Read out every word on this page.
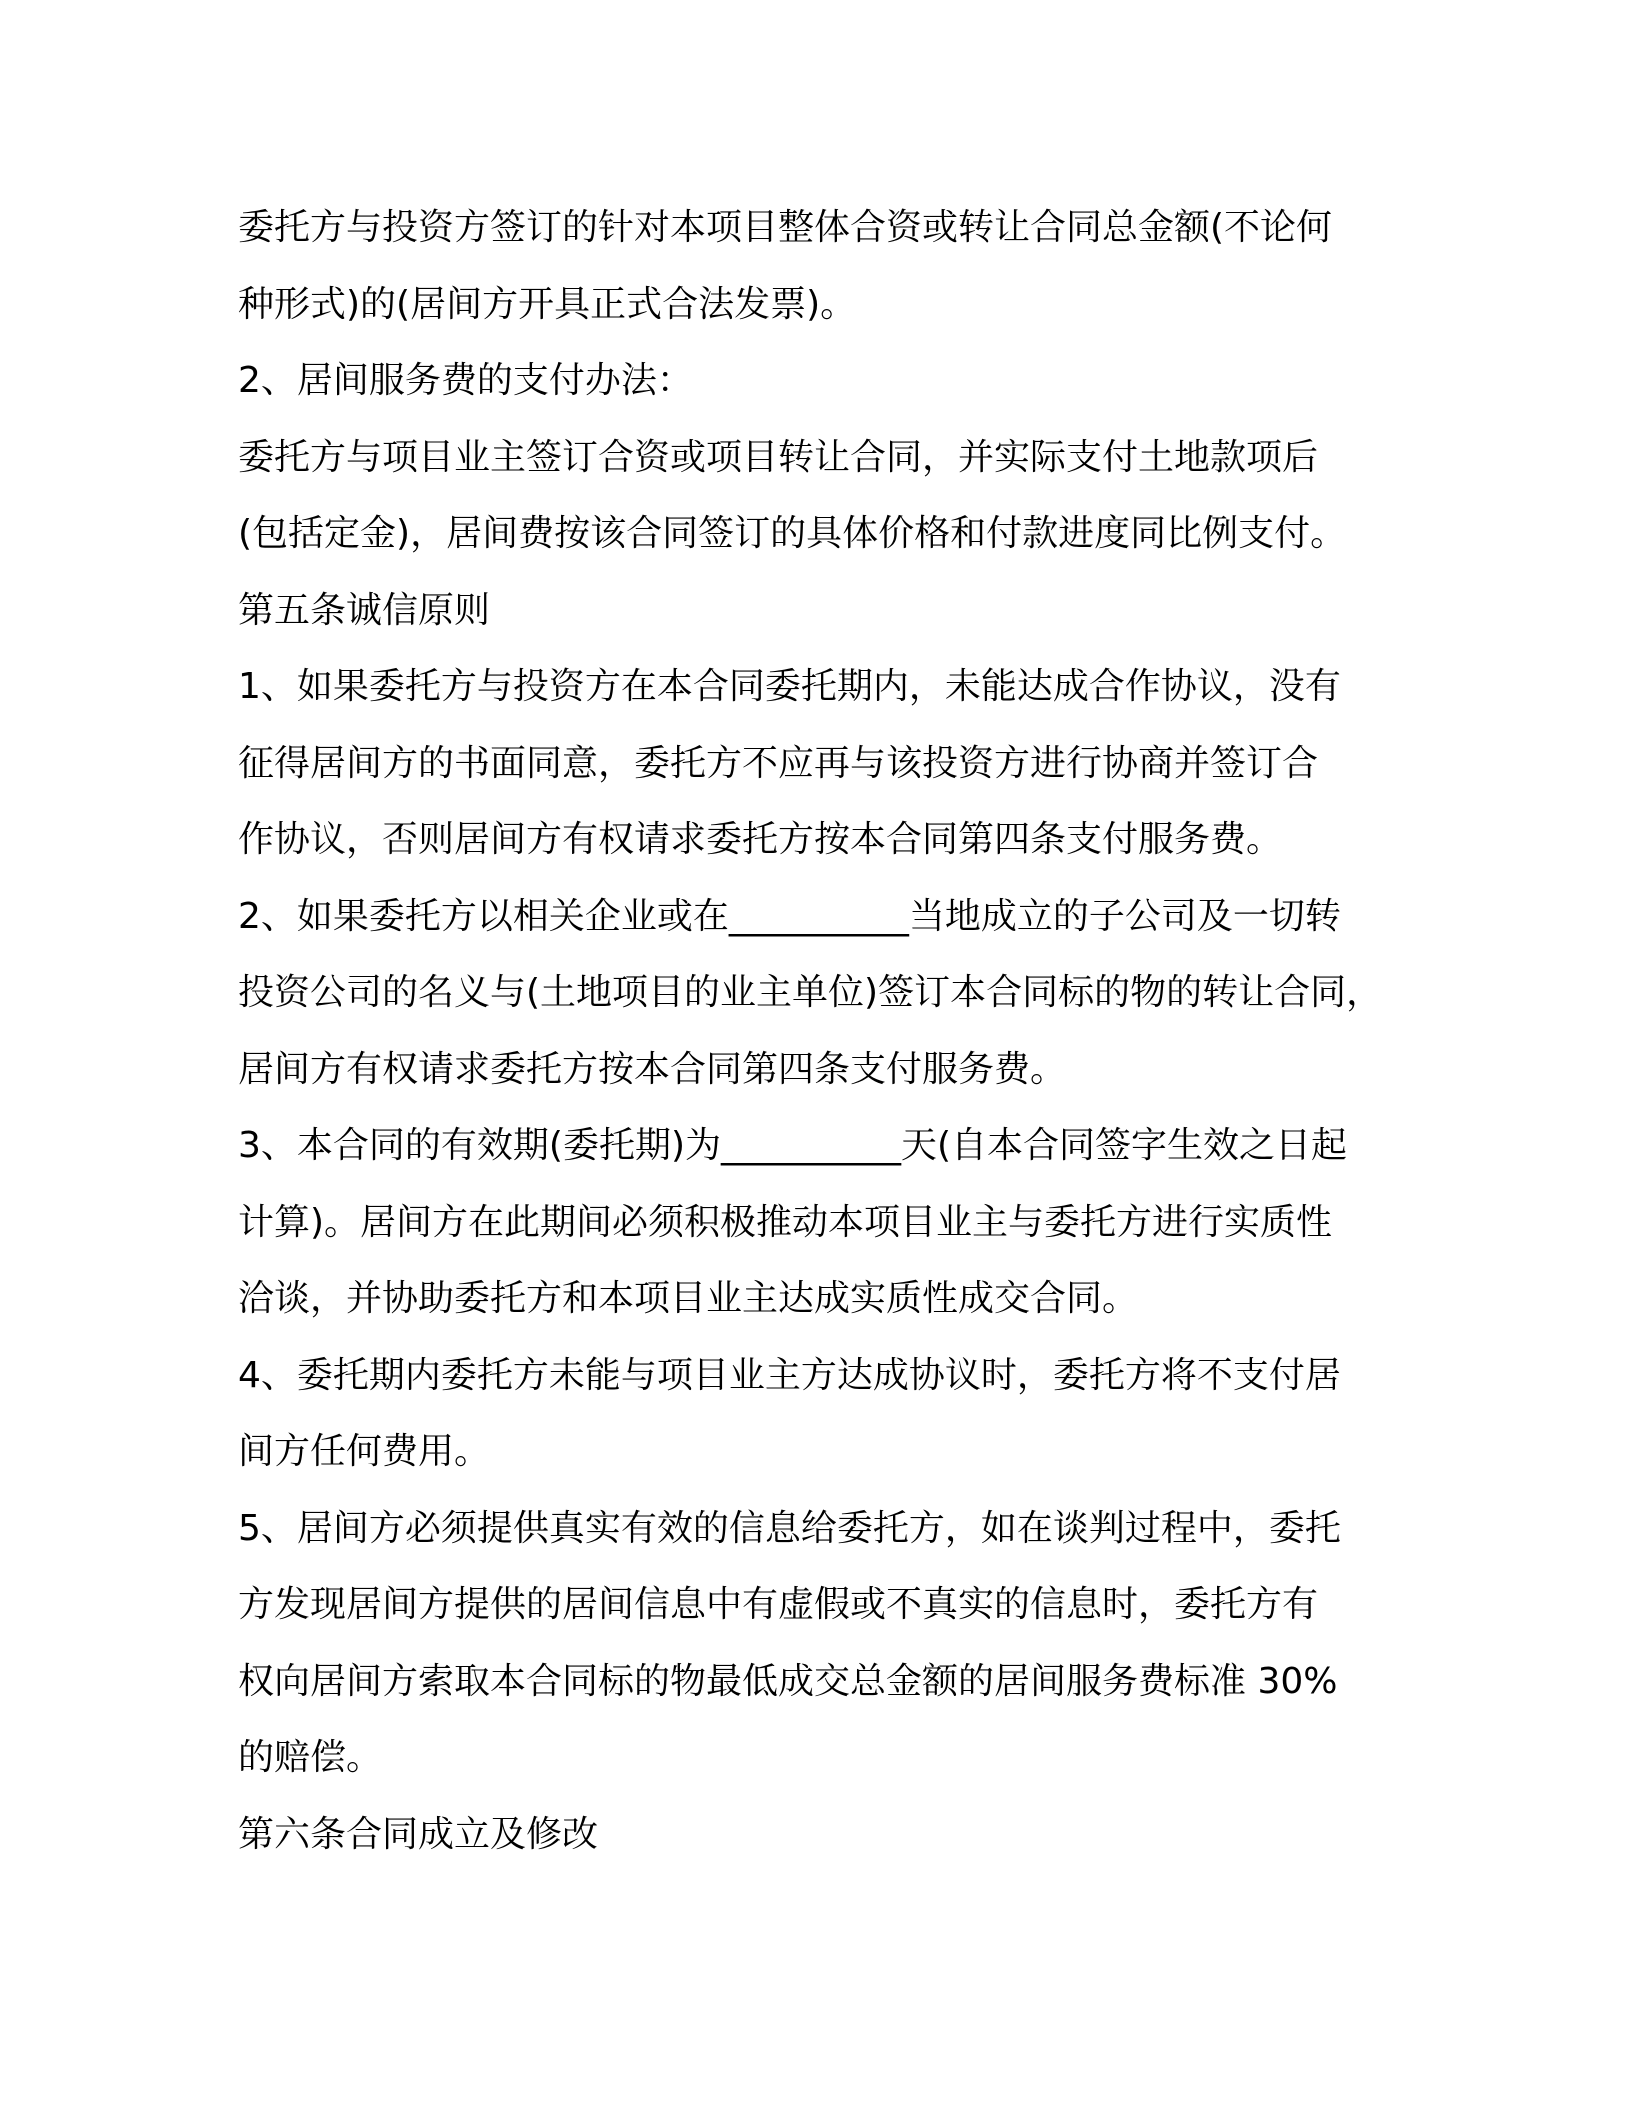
委托方与投资方签订的针对本项目整体合资或转让合同总金额(不论何
种形式)的(居间方开具正式合法发票)。
2、居间服务费的支付办法：
委托方与项目业主签订合资或项目转让合同，并实际支付土地款项后
(包括定金)，居间费按该合同签订的具体价格和付款进度同比例支付。
第五条诚信原则
1、如果委托方与投资方在本合同委托期内，未能达成合作协议，没有
征得居间方的书面同意，委托方不应再与该投资方进行协商并签订合
作协议，否则居间方有权请求委托方按本合同第四条支付服务费。
2、如果委托方以相关企业或在__________当地成立的子公司及一切转
投资公司的名义与(土地项目的业主单位)签订本合同标的物的转让合同，
居间方有权请求委托方按本合同第四条支付服务费。
3、本合同的有效期(委托期)为__________天(自本合同签字生效之日起
计算)。居间方在此期间必须积极推动本项目业主与委托方进行实质性
洽谈，并协助委托方和本项目业主达成实质性成交合同。
4、委托期内委托方未能与项目业主方达成协议时，委托方将不支付居
间方任何费用。
5、居间方必须提供真实有效的信息给委托方，如在谈判过程中，委托
方发现居间方提供的居间信息中有虚假或不真实的信息时，委托方有
权向居间方索取本合同标的物最低成交总金额的居间服务费标准 30%
的赔偿。
第六条合同成立及修改
